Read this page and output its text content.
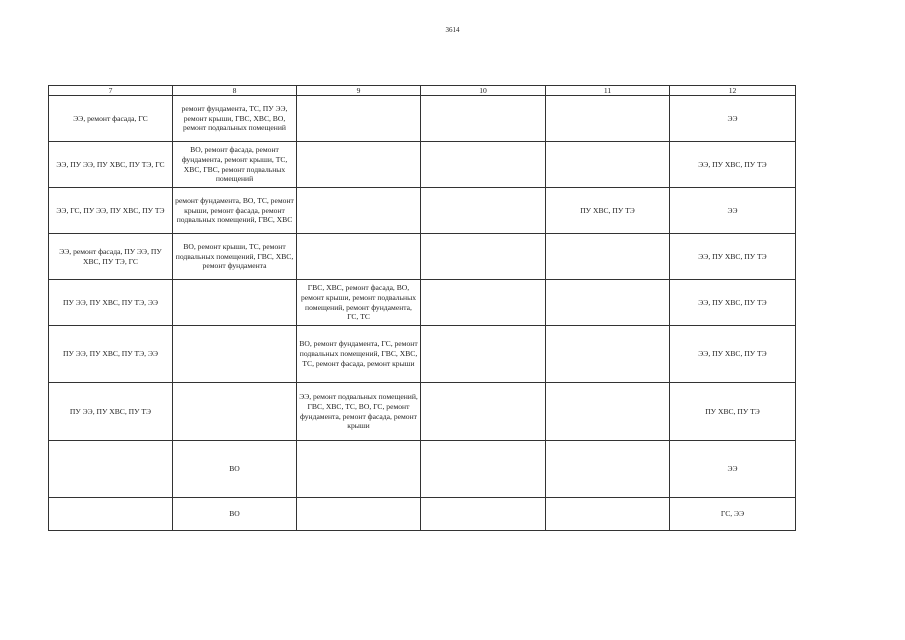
3614
7	8	9	10	11	12
ЭЭ, ремонт фасада, ГС	ремонт фундамента, ТС, ПУ ЭЭ, ремонт крыши, ГВС, ХВС, ВО, ремонт подвальных помещений				ЭЭ
ЭЭ, ПУ ЭЭ, ПУ ХВС, ПУ ТЭ, ГС	ВО, ремонт фасада, ремонт фундамента, ремонт крыши, ТС, ХВС, ГВС, ремонт подвальных помещений				ЭЭ, ПУ ХВС, ПУ ТЭ
ЭЭ, ГС, ПУ ЭЭ, ПУ ХВС, ПУ ТЭ	ремонт фундамента, ВО, ТС, ремонт крыши, ремонт фасада, ремонт подвальных помещений, ГВС, ХВС			ПУ ХВС, ПУ ТЭ	ЭЭ
ЭЭ, ремонт фасада, ПУ ЭЭ, ПУ ХВС, ПУ ТЭ, ГС	ВО, ремонт крыши, ТС, ремонт подвальных помещений, ГВС, ХВС, ремонт фундамента				ЭЭ, ПУ ХВС, ПУ ТЭ
ПУ ЭЭ, ПУ ХВС, ПУ ТЭ, ЭЭ		ГВС, ХВС, ремонт фасада, ВО, ремонт крыши, ремонт подвальных помещений, ремонт фундамента, ГС, ТС			ЭЭ, ПУ ХВС, ПУ ТЭ
ПУ ЭЭ, ПУ ХВС, ПУ ТЭ, ЭЭ		ВО, ремонт фундамента, ГС, ремонт подвальных помещений, ГВС, ХВС, ТС, ремонт фасада, ремонт крыши			ЭЭ, ПУ ХВС, ПУ ТЭ
ПУ ЭЭ, ПУ ХВС, ПУ ТЭ		ЭЭ, ремонт подвальных помещений, ГВС, ХВС, ТС, ВО, ГС, ремонт фундамента, ремонт фасада, ремонт крыши			ПУ ХВС, ПУ ТЭ
	ВО				ЭЭ
	ВО				ГС, ЭЭ
